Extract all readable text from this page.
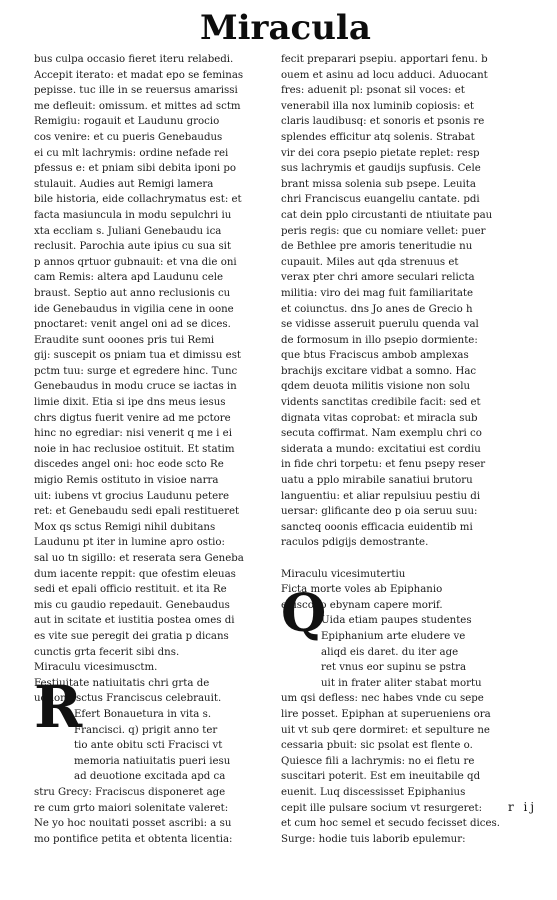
Miracula
bus culpa occasio fieret iteru relabedi.
Accepit iterato: et madat epo se feminas
pepisse. tuc ille in se reuersus amarissi
me defleuit: omissum. et mittes ad sctm
Remigiu: rogauit et Laudunu grocio
cos venire: et cu pueris Genebaudus
ei cu mlt lachrymis: ordine nefade rei
pfessus e: et pniam sibi debita iponi po
stulauit. Audies aut Remigi lamera
bile historia, eide collachrymatus est: et
facta masiuncula in modu sepulchri iu
xta eccliam s. Juliani Genebaudu ica
reclusit. Parochia aute ipius cu sua sit
p annos qrtuor gubnauit: et vna die oni
cam Remis: altera apd Laudunu cele
braust. Septio aut anno reclusionis cu
ide Genebaudus in vigilia cene in oone
pnoctaret: venit angel oni ad se dices.
Eraudite sunt ooones pris tui Remi
gij: suscepit os pniam tua et dimissu est
pctm tuu: surge et egredere hinc. Tunc
Genebaudus in modu cruce se iactas in
limie dixit. Etia si ipe dns meus iesus
chrs digtus fuerit venire ad me pctore
hinc no egrediar: nisi venerit q me i ei
noie in hac reclusioe ostituit. Et statim
discedes angel oni: hoc eode scto Re
migio Remis ostituto in visioe narra
uit: iubens vt grocius Laudunu petere
ret: et Genebaudu sedi epali restitueret
Mox qs sctus Remigi nihil dubitans
Laudunu pt iter in lumine apro ostio:
sal uo tn sigillo: et reserata sera Geneba
dum iacente reppit: que ofestim eleuas
sedi et epali officio restituit. et ita Re
mis cu gaudio repedauit. Genebaudus
aut in scitate et iustitia postea omes di
es vite sue peregit dei gratia p dicans
cunctis grta fecerit sibi dns.
Miraculu vicesimusctm.
Festiuitate natiuitatis chri grta de
uotione sctus Franciscus celebrauit.
Efert Bonauetura in vita s.
Francisci. q) prigit anno ter
tio ante obitu scti Fracisci vt
memoria natiuitatis pueri iesu
ad deuotione excitada apd ca
stru Grecy: Fraciscus disponeret age
re cum grto maiori solenitate valeret:
Ne yo hoc nouitati posset ascribi: a su
mo pontifice petita et obtenta licentia:
fecit preparari psepiu. apportari fenu. b
ouem et asinu ad locu adduci. Aduocant
fres: aduenit pl: psonat sil voces: et
venerabil illa nox luminib copiosis: et
claris laudibusq: et sonoris et psonis re
splendes efficitur atq solenis. Strabat
vir dei cora psepio pietate replet: resp
sus lachrymis et gaudijs supfusis. Cele
brant missa solenia sub psepe. Leuita
chri Franciscus euangeliu cantate. pdi
cat dein pplo circustanti de ntiuitate pau
peris regis: que cu nomiare vellet: puer
de Bethlee pre amoris teneritudie nu
cupauit. Miles aut qda strenuus et
verax pter chri amore seculari relicta
militia: viro dei mag fuit familiaritate
et coiunctus. dns Jo anes de Grecio h
se vidisse asseruit puerulu quenda val
de formosum in illo psepio dormiente:
que btus Fraciscus ambob amplexas
brachijs excitare vidbat a somno. Hac
qdem deuota militis visione non solu
vidents sanctitas credibile facit: sed et
dignata vitas coprobat: et miracla sub
secuta coffirmat. Nam exemplu chri co
siderata a mundo: excitatiui est cordiu
in fide chri torpetu: et fenu psepy reser
uatu a pplo mirabile sanatiui brutoru
languentiu: et aliar repulsiuu pestiu di
uersar: glificante deo p oia seruu suu:
sancteq ooonis efficacia euidentib mi
raculos pdigijs demostrante.
Miraculu vicesimutertiu
Ficta morte voles ab Epiphanio
episcopo ebynam capere morif.
Uida etiam paupes studentes
Epiphanium arte eludere ve
aliqd eis daret. du iter age
ret vnus eor supinu se pstra
uit in frater aliter stabat mortu
um qsi defless: nec habes vnde cu sepe
lire posset. Epiphan at superueniens ora
uit vt sub qere dormiret: et sepulture ne
cessaria pbuit: sic psolat est flente o.
Quiesce fili a lachrymis: no ei fletu re
suscitari poterit. Est em ineuitabile qd
euenit. Luq discessisset Epiphanius
cepit ille pulsare socium vt resurgeret:
et cum hoc semel et secudo fecisset dices.
Surge: hodie tuis laborib epulemur:
R
Q
r ij
